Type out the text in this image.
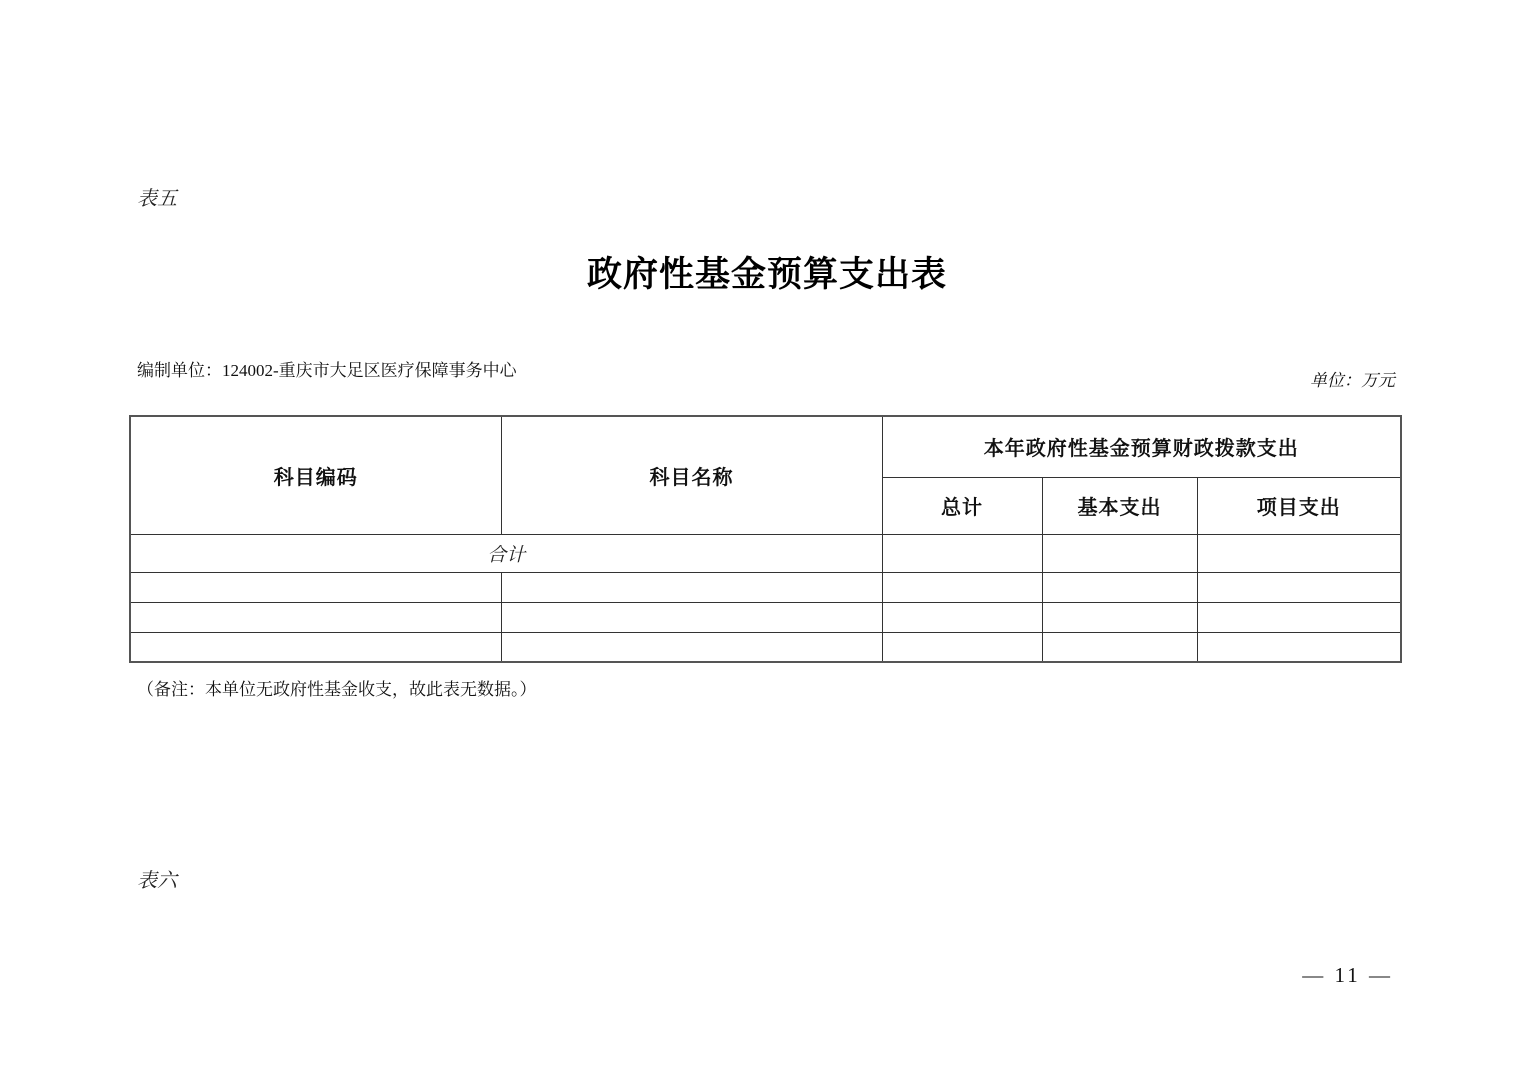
表五
政府性基金预算支出表
编制单位：124002-重庆市大足区医疗保障事务中心
单位：万元
科目编码	科目名称	本年政府性基金预算财政拨款支出		
		总计	基本支出	项目支出
合计				

（备注：本单位无政府性基金收支，故此表无数据。）
表六
— 11 —
